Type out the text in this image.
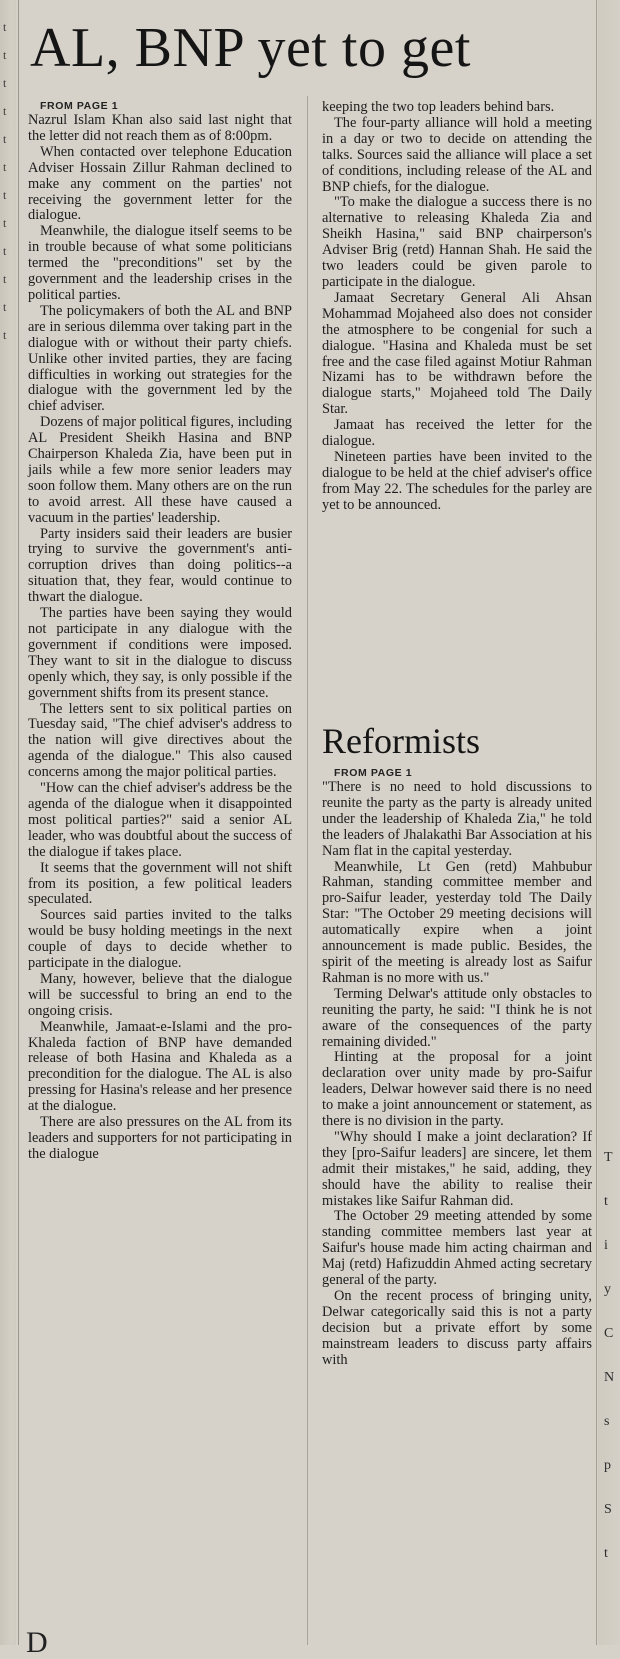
t
t
t
t
t
t
t
t
t
t
t
t
T
t
i
y
C
N
s
p
S
t
AL, BNP yet to get

FROM PAGE 1

Nazrul Islam Khan also said last night that the letter did not reach them as of 8:00pm.

When contacted over telephone Education Adviser Hossain Zillur Rahman declined to make any comment on the parties' not receiving the government letter for the dialogue.

Meanwhile, the dialogue itself seems to be in trouble because of what some politicians termed the "preconditions" set by the government and the leadership crises in the political parties.

The policymakers of both the AL and BNP are in serious dilemma over taking part in the dialogue with or without their party chiefs. Unlike other invited parties, they are facing difficulties in working out strategies for the dialogue with the government led by the chief adviser.

Dozens of major political figures, including AL President Sheikh Hasina and BNP Chairperson Khaleda Zia, have been put in jails while a few more senior leaders may soon follow them. Many others are on the run to avoid arrest. All these have caused a vacuum in the parties' leadership.

Party insiders said their leaders are busier trying to survive the government's anti-corruption drives than doing politics--a situation that, they fear, would continue to thwart the dialogue.

The parties have been saying they would not participate in any dialogue with the government if conditions were imposed. They want to sit in the dialogue to discuss openly which, they say, is only possible if the government shifts from its present stance.

The letters sent to six political parties on Tuesday said, "The chief adviser's address to the nation will give directives about the agenda of the dialogue." This also caused concerns among the major political parties.

"How can the chief adviser's address be the agenda of the dialogue when it disappointed most political parties?" said a senior AL leader, who was doubtful about the success of the dialogue if takes place.

It seems that the government will not shift from its position, a few political leaders speculated.

Sources said parties invited to the talks would be busy holding meetings in the next couple of days to decide whether to participate in the dialogue.

Many, however, believe that the dialogue will be successful to bring an end to the ongoing crisis.

Meanwhile, Jamaat-e-Islami and the pro-Khaleda faction of BNP have demanded release of both Hasina and Khaleda as a precondition for the dialogue. The AL is also pressing for Hasina's release and her presence at the dialogue.

There are also pressures on the AL from its leaders and supporters for not participating in the dialogue

keeping the two top leaders behind bars.

The four-party alliance will hold a meeting in a day or two to decide on attending the talks. Sources said the alliance will place a set of conditions, including release of the AL and BNP chiefs, for the dialogue.

"To make the dialogue a success there is no alternative to releasing Khaleda Zia and Sheikh Hasina," said BNP chairperson's Adviser Brig (retd) Hannan Shah. He said the two leaders could be given parole to participate in the dialogue.

Jamaat Secretary General Ali Ahsan Mohammad Mojaheed also does not consider the atmosphere to be congenial for such a dialogue. "Hasina and Khaleda must be set free and the case filed against Motiur Rahman Nizami has to be withdrawn before the dialogue starts," Mojaheed told The Daily Star.

Jamaat has received the letter for the dialogue.

Nineteen parties have been invited to the dialogue to be held at the chief adviser's office from May 22. The schedules for the parley are yet to be announced.

Reformists

FROM PAGE 1

"There is no need to hold discussions to reunite the party as the party is already united under the leadership of Khaleda Zia," he told the leaders of Jhalakathi Bar Association at his Nam flat in the capital yesterday.

Meanwhile, Lt Gen (retd) Mahbubur Rahman, standing committee member and pro-Saifur leader, yesterday told The Daily Star: "The October 29 meeting decisions will automatically expire when a joint announcement is made public. Besides, the spirit of the meeting is already lost as Saifur Rahman is no more with us."

Terming Delwar's attitude only obstacles to reuniting the party, he said: "I think he is not aware of the consequences of the party remaining divided."

Hinting at the proposal for a joint declaration over unity made by pro-Saifur leaders, Delwar however said there is no need to make a joint announcement or statement, as there is no division in the party.

"Why should I make a joint declaration? If they [pro-Saifur leaders] are sincere, let them admit their mistakes," he said, adding, they should have the ability to realise their mistakes like Saifur Rahman did.

The October 29 meeting attended by some standing committee members last year at Saifur's house made him acting chairman and Maj (retd) Hafizuddin Ahmed acting secretary general of the party.

On the recent process of bringing unity, Delwar categorically said this is not a party decision but a private effort by some mainstream leaders to discuss party affairs with

D
